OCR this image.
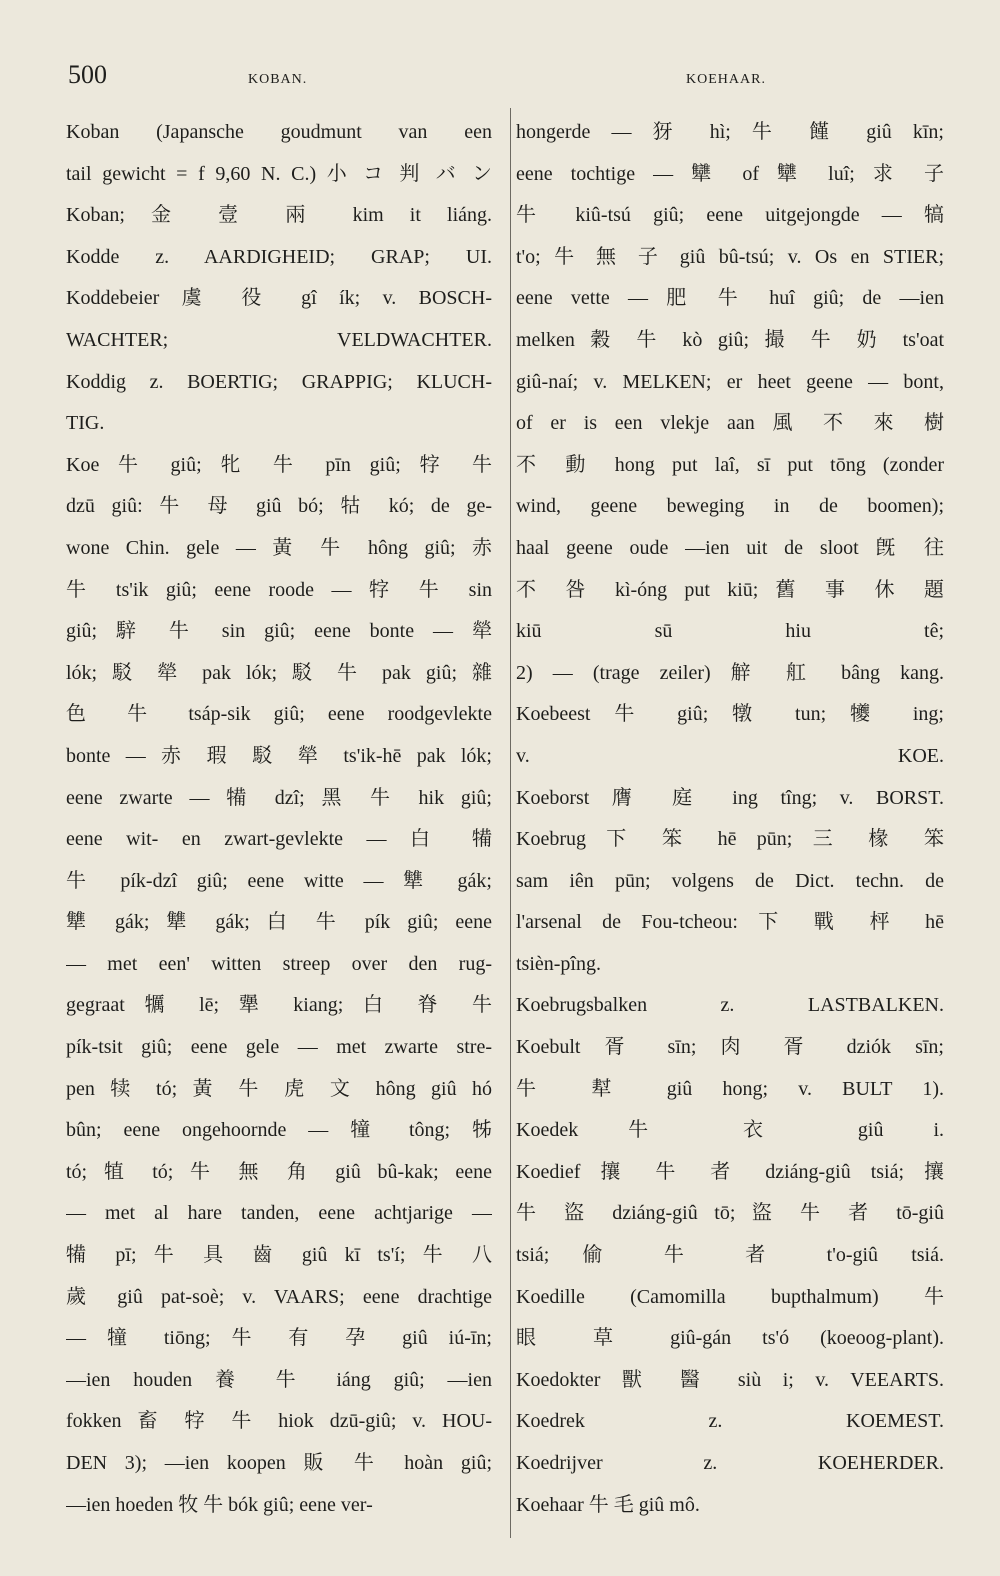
500	KOBAN.	KOEHAAR.
Koban (Japansche goudmunt van een
tail gewicht = f 9,60 N. C.) 小 コ 判 バ ン
Koban; 金 壹 兩 kim it liáng.
Kodde z. AARDIGHEID; GRAP; UI.
Koddebeier 虞 役 gî ík; v. BOSCH-
WACHTER; VELDWACHTER.
Koddig z. BOERTIG; GRAPPIG; KLUCH-
TIG.
Koe 牛 giû; 牝 牛 pīn giû; 牸 牛
dzū giû: 牛 母 giû bó; 牯 kó; de ge-
wone Chin. gele — 黃 牛 hông giû; 赤
牛 ts'ik giû; eene roode — 牸 牛 sin
giû; 騂 牛 sin giû; eene bonte — 犖
lók; 駁 犖 pak lók; 駁 牛 pak giû; 雜
色 牛 tsáp-sik giû; eene roodgevlekte
bonte — 赤 瑕 駁 犖 ts'ik-hē pak lók;
eene zwarte — 犕 dzî; 黑 牛 hik giû;
eene wit- en zwart-gevlekte — 白 犕
牛 pík-dzî giû; eene witte — 犨 gák;
犨 gák; 犨 gák; 白 牛 pík giû; eene
— met een' witten streep over den rug-
gegraat 犡 lē; 犟 kiang; 白 脊 牛
pík-tsit giû; eene gele — met zwarte stre-
pen 犊 tó; 黃 牛 虎 文 hông giû hó
bûn; eene ongehoornde — 犝 tông; 牬
tó; 犆 tó; 牛 無 角 giû bû-kak; eene
— met al hare tanden, eene achtjarige —
犕 pī; 牛 具 齒 giû kī ts'í; 牛 八
歲 giû pat-soè; v. VAARS; eene drachtige
— 犝 tiōng; 牛 有 孕 giû iú-īn;
—ien houden 養 牛 iáng giû; —ien
fokken 畜 牸 牛 hiok dzū-giû; v. HOU-
DEN 3); —ien koopen 販 牛 hoàn giû;
—ien hoeden 牧 牛 bók giû; eene ver-
hongerde — 犽 hì; 牛 饉 giû kīn;
eene tochtige — 犫 of 犫 luî; 求 子
牛 kiû-tsú giû; eene uitgejongde — 犒
t'o; 牛 無 子 giû bû-tsú; v. Os en STIER;
eene vette — 肥 牛 huî giû; de —ien
melken 穀 牛 kò giû; 撮 牛 奶 ts'oat
giû-naí; v. MELKEN; er heet geene — bont,
of er is een vlekje aan 風 不 來 樹
不 動 hong put laî, sī put tōng (zonder
wind, geene beweging in de boomen);
haal geene oude —ien uit de sloot 旣 往
不 咎 kì-óng put kiū; 舊 事 休 題
kiū sū hiu tê;
2) — (trage zeiler) 觪 舡 bâng kang.
Koebeest 牛 giû; 犜 tun; 犪 ing;
v. KOE.
Koeborst 膺 庭 ing tîng; v. BORST.
Koebrug 下 笨 hē pūn; 三 椽 笨
sam iên pūn; volgens de Dict. techn. de
l'arsenal de Fou-tcheou: 下 戰 枰 hē
tsièn-pîng.
Koebrugsbalken z. LASTBALKEN.
Koebult 胥 sīn; 肉 胥 dziók sīn;
牛 犎 giû hong; v. BULT 1).
Koedek 牛 衣 giû i.
Koedief 攘 牛 者 dziáng-giû tsiá; 攘
牛 盜 dziáng-giû tō; 盜 牛 者 tō-giû
tsiá; 偷 牛 者 t'o-giû tsiá.
Koedille (Camomilla bupthalmum) 牛
眼 草 giû-gán ts'ó (koeoog-plant).
Koedokter 獸 醫 siù i; v. VEEARTS.
Koedrek z. KOEMEST.
Koedrijver z. KOEHERDER.
Koehaar 牛 毛 giû mô.
